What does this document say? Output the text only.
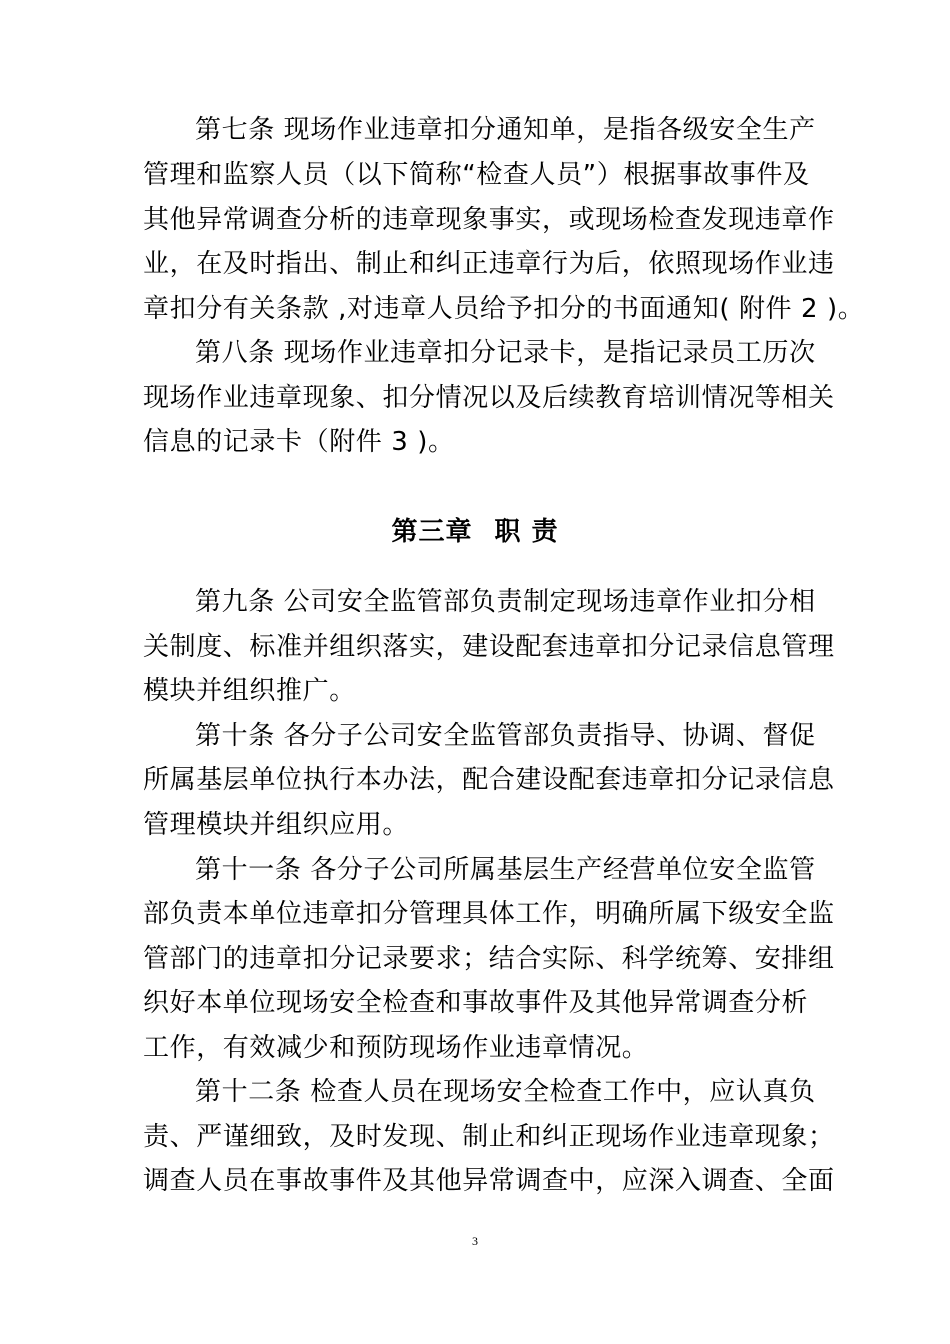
第七条 现场作业违章扣分通知单，是指各级安全生产
管理和监察人员（以下简称“检查人员”）根据事故事件及
其他异常调查分析的违章现象事实，或现场检查发现违章作
业，在及时指出、制止和纠正违章行为后，依照现场作业违
章扣分有关条款 ,对违章人员给予扣分的书面通知( 附件 2 )。
第八条 现场作业违章扣分记录卡，是指记录员工历次
现场作业违章现象、扣分情况以及后续教育培训情况等相关
信息的记录卡（附件 3 )。
第三章 职 责
第九条 公司安全监管部负责制定现场违章作业扣分相
关制度、标准并组织落实，建设配套违章扣分记录信息管理
模块并组织推广。
第十条 各分子公司安全监管部负责指导、协调、督促
所属基层单位执行本办法，配合建设配套违章扣分记录信息
管理模块并组织应用。
第十一条 各分子公司所属基层生产经营单位安全监管
部负责本单位违章扣分管理具体工作，明确所属下级安全监
管部门的违章扣分记录要求；结合实际、科学统筹、安排组
织好本单位现场安全检查和事故事件及其他异常调查分析
工作，有效减少和预防现场作业违章情况。
第十二条 检查人员在现场安全检查工作中，应认真负
责、严谨细致，及时发现、制止和纠正现场作业违章现象；
调查人员在事故事件及其他异常调查中，应深入调查、全面
3
